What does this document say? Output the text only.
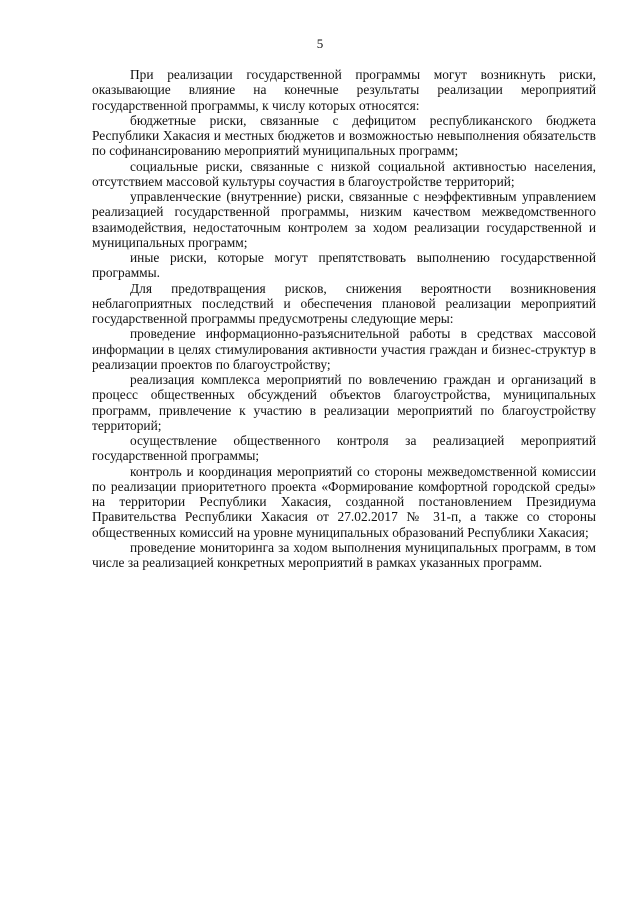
5

При реализации государственной программы могут возникнуть риски, оказывающие влияние на конечные результаты реализации мероприятий государственной программы, к числу которых относятся:

бюджетные риски, связанные с дефицитом республиканского бюджета Республики Хакасия и местных бюджетов и возможностью невыполнения обязательств по софинансированию мероприятий муниципальных программ;

социальные риски, связанные с низкой социальной активностью населения, отсутствием массовой культуры соучастия в благоустройстве территорий;

управленческие (внутренние) риски, связанные с неэффективным управлением реализацией государственной программы, низким качеством межведомственного взаимодействия, недостаточным контролем за ходом реализации государственной и муниципальных программ;

иные риски, которые могут препятствовать выполнению государственной программы.

Для предотвращения рисков, снижения вероятности возникновения неблагоприятных последствий и обеспечения плановой реализации мероприятий государственной программы предусмотрены следующие меры:

проведение информационно-разъяснительной работы в средствах массовой информации в целях стимулирования активности участия граждан и бизнес-структур в реализации проектов по благоустройству;

реализация комплекса мероприятий по вовлечению граждан и организаций в процесс общественных обсуждений объектов благоустройства, муниципальных программ, привлечение к участию в реализации мероприятий по благоустройству территорий;

осуществление общественного контроля за реализацией мероприятий государственной программы;

контроль и координация мероприятий со стороны межведомственной комиссии по реализации приоритетного проекта «Формирование комфортной городской среды» на территории Республики Хакасия, созданной постановлением Президиума Правительства Республики Хакасия от 27.02.2017 № 31-п, а также со стороны общественных комиссий на уровне муниципальных образований Республики Хакасия;

проведение мониторинга за ходом выполнения муниципальных программ, в том числе за реализацией конкретных мероприятий в рамках указанных программ.
